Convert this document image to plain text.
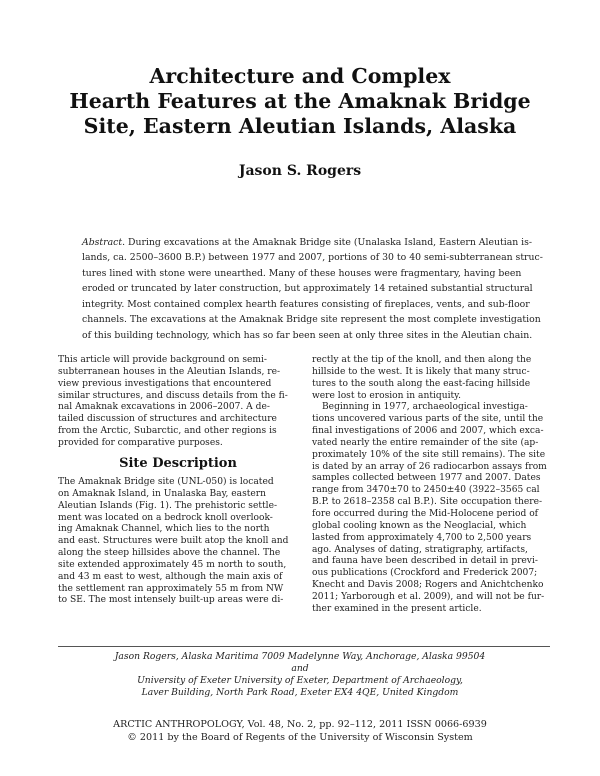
Architecture and Complex
Hearth Features at the Amaknak Bridge
Site, Eastern Aleutian Islands, Alaska
Jason S. Rogers
Abstract. During excavations at the Amaknak Bridge site (Unalaska Island, Eastern Aleutian is-
lands, ca. 2500–3600 B.P.) between 1977 and 2007, portions of 30 to 40 semi-subterranean struc-
tures lined with stone were unearthed. Many of these houses were fragmentary, having been
eroded or truncated by later construction, but approximately 14 retained substantial structural
integrity. Most contained complex hearth features consisting of fireplaces, vents, and sub-floor
channels. The excavations at the Amaknak Bridge site represent the most complete investigation
of this building technology, which has so far been seen at only three sites in the Aleutian chain.
This article will provide background on semi-
subterranean houses in the Aleutian Islands, re-
view previous investigations that encountered
similar structures, and discuss details from the fi-
nal Amaknak excavations in 2006–2007. A de-
tailed discussion of structures and architecture
from the Arctic, Subarctic, and other regions is
provided for comparative purposes.
Site Description
The Amaknak Bridge site (UNL-050) is located
on Amaknak Island, in Unalaska Bay, eastern
Aleutian Islands (Fig. 1). The prehistoric settle-
ment was located on a bedrock knoll overlook-
ing Amaknak Channel, which lies to the north
and east. Structures were built atop the knoll and
along the steep hillsides above the channel. The
site extended approximately 45 m north to south,
and 43 m east to west, although the main axis of
the settlement ran approximately 55 m from NW
to SE. The most intensely built-up areas were di-
rectly at the tip of the knoll, and then along the
hillside to the west. It is likely that many struc-
tures to the south along the east-facing hillside
were lost to erosion in antiquity.
Beginning in 1977, archaeological investiga-
tions uncovered various parts of the site, until the
final investigations of 2006 and 2007, which exca-
vated nearly the entire remainder of the site (ap-
proximately 10% of the site still remains). The site
is dated by an array of 26 radiocarbon assays from
samples collected between 1977 and 2007. Dates
range from 3470±70 to 2450±40 (3922–3565 cal
B.P. to 2618–2358 cal B.P.). Site occupation there-
fore occurred during the Mid-Holocene period of
global cooling known as the Neoglacial, which
lasted from approximately 4,700 to 2,500 years
ago. Analyses of dating, stratigraphy, artifacts,
and fauna have been described in detail in previ-
ous publications (Crockford and Frederick 2007;
Knecht and Davis 2008; Rogers and Anichtchenko
2011; Yarborough et al. 2009), and will not be fur-
ther examined in the present article.
Jason Rogers, Alaska Maritima 7009 Madelynne Way, Anchorage, Alaska 99504
and
University of Exeter University of Exeter, Department of Archaeology,
Laver Building, North Park Road, Exeter EX4 4QE, United Kingdom
ARCTIC ANTHROPOLOGY, Vol. 48, No. 2, pp. 92–112, 2011 ISSN 0066-6939
© 2011 by the Board of Regents of the University of Wisconsin System
